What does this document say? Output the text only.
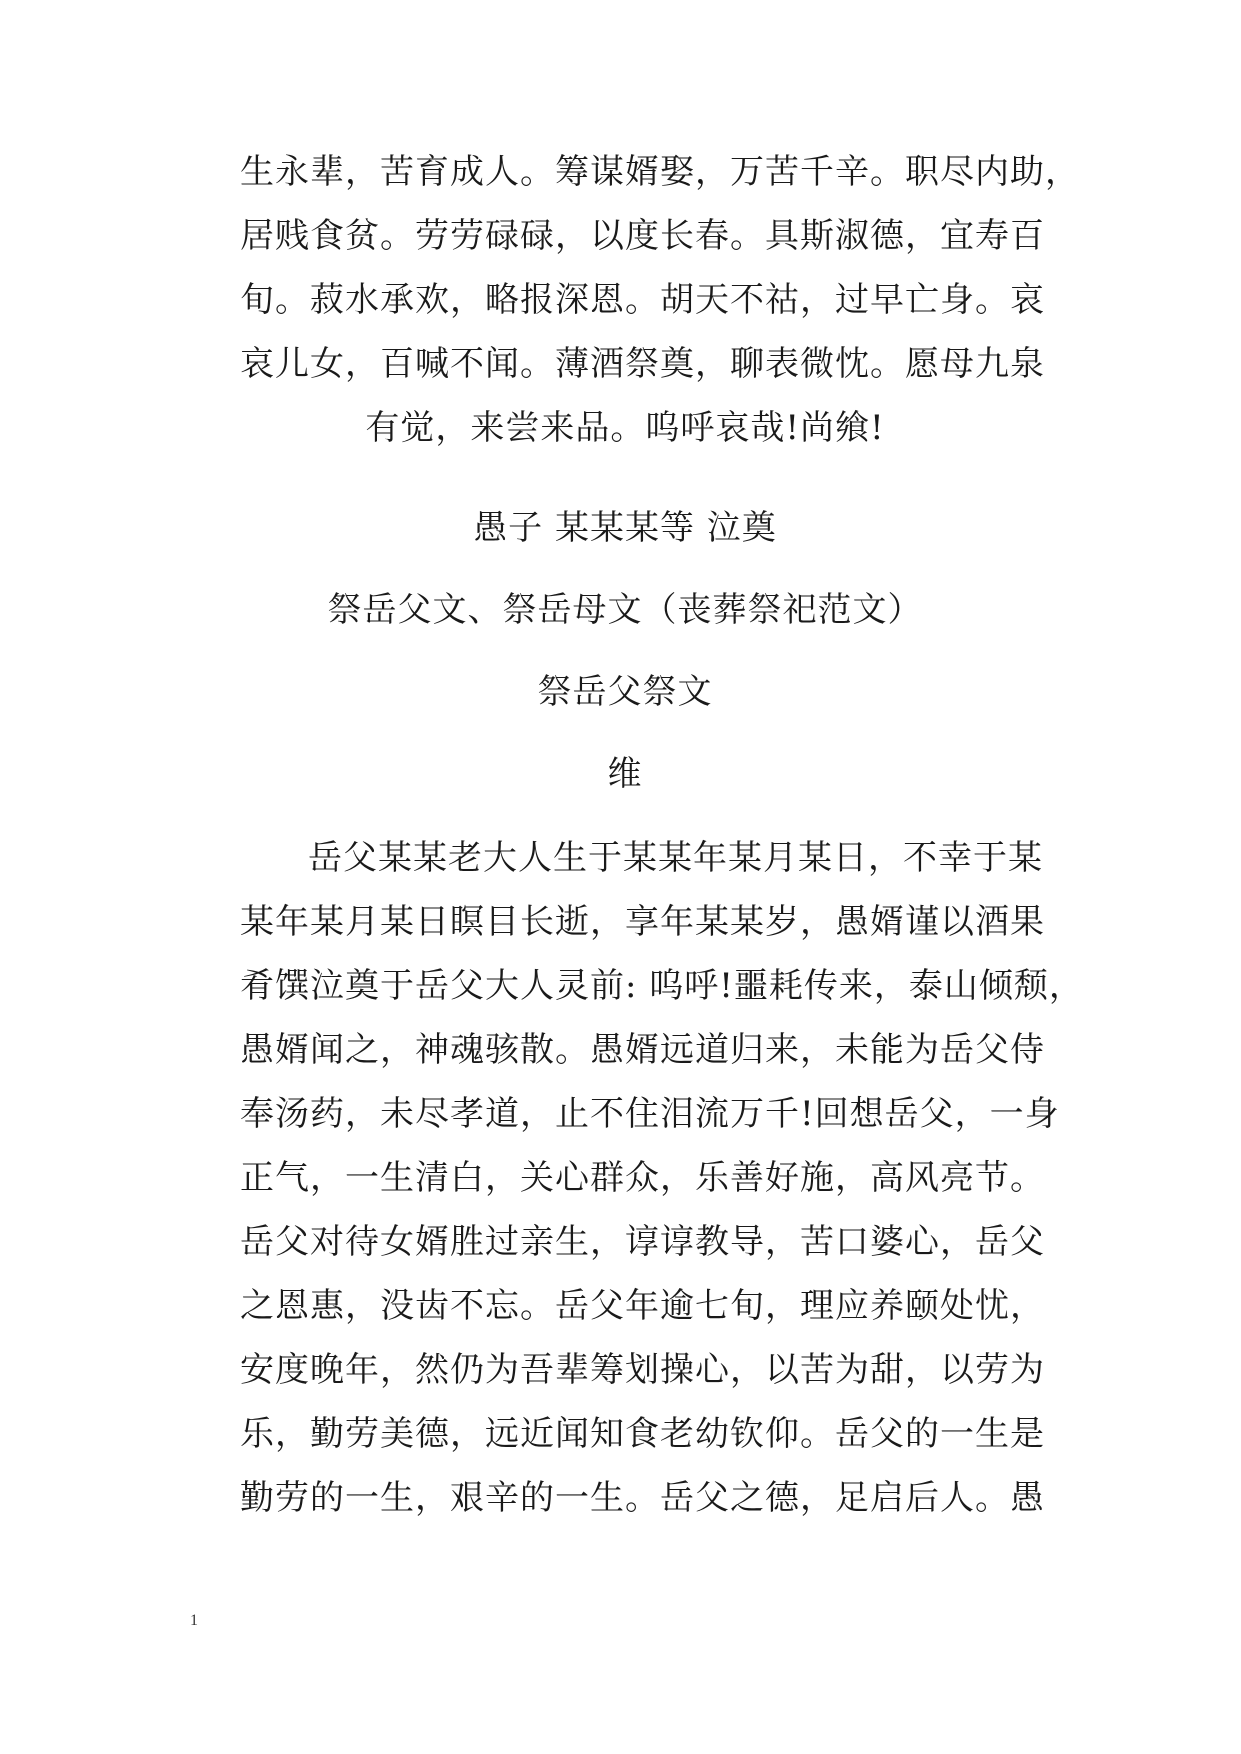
生永辈，苦育成人。筹谋婿娶，万苦千辛。职尽内助，
居贱食贫。劳劳碌碌，以度长春。具斯淑德，宜寿百
旬。菽水承欢，略报深恩。胡天不祜，过早亡身。哀
哀儿女，百喊不闻。薄酒祭奠，聊表微忱。愿母九泉
有觉，来尝来品。呜呼哀哉!尚飨!
愚子 某某某等 泣奠
祭岳父文、祭岳母文（丧葬祭祀范文）
祭岳父祭文
维
岳父某某老大人生于某某年某月某日，不幸于某
某年某月某日瞑目长逝，享年某某岁，愚婿谨以酒果
肴馔泣奠于岳父大人灵前: 呜呼!噩耗传来，泰山倾颓，
愚婿闻之，神魂骇散。愚婿远道归来，未能为岳父侍
奉汤药，未尽孝道，止不住泪流万千!回想岳父，一身
正气，一生清白，关心群众，乐善好施，高风亮节。
岳父对待女婿胜过亲生，谆谆教导，苦口婆心，岳父
之恩惠，没齿不忘。岳父年逾七旬，理应养颐处忧，
安度晚年，然仍为吾辈筹划操心，以苦为甜，以劳为
乐，勤劳美德，远近闻知食老幼钦仰。岳父的一生是
勤劳的一生，艰辛的一生。岳父之德，足启后人。愚
1
